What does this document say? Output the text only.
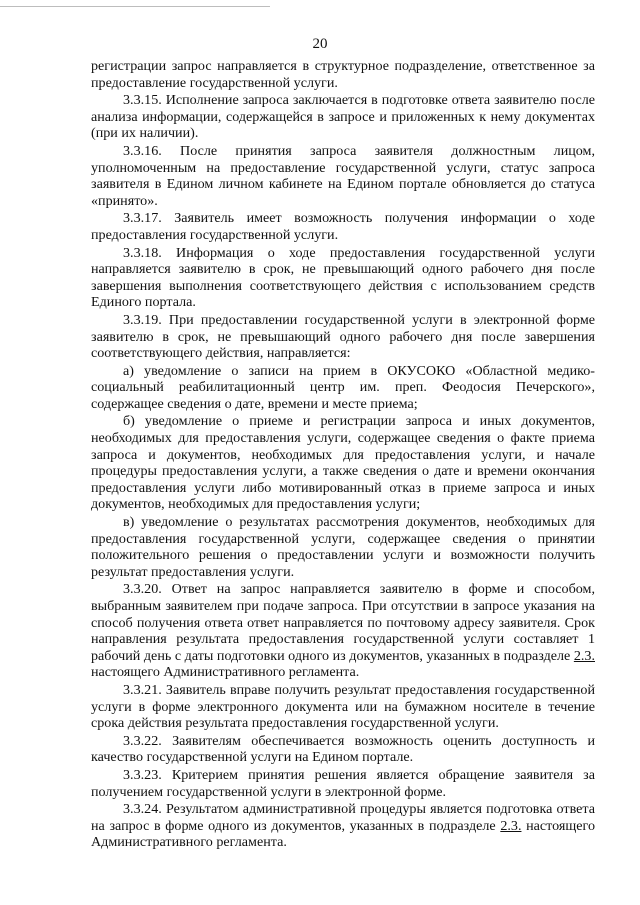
20

регистрации запрос направляется в структурное подразделение, ответственное за предоставление государственной услуги.

3.3.15. Исполнение запроса заключается в подготовке ответа заявителю после анализа информации, содержащейся в запросе и приложенных к нему документах (при их наличии).

3.3.16. После принятия запроса заявителя должностным лицом, уполномоченным на предоставление государственной услуги, статус запроса заявителя в Едином личном кабинете на Едином портале обновляется до статуса «принято».

3.3.17. Заявитель имеет возможность получения информации о ходе предоставления государственной услуги.

3.3.18. Информация о ходе предоставления государственной услуги направляется заявителю в срок, не превышающий одного рабочего дня после завершения выполнения соответствующего действия с использованием средств Единого портала.

3.3.19. При предоставлении государственной услуги в электронной форме заявителю в срок, не превышающий одного рабочего дня после завершения соответствующего действия, направляется:

а) уведомление о записи на прием в ОКУСОКО «Областной медико-социальный реабилитационный центр им. преп. Феодосия Печерского», содержащее сведения о дате, времени и месте приема;

б) уведомление о приеме и регистрации запроса и иных документов, необходимых для предоставления услуги, содержащее сведения о факте приема запроса и документов, необходимых для предоставления услуги, и начале процедуры предоставления услуги, а также сведения о дате и времени окончания предоставления услуги либо мотивированный отказ в приеме запроса и иных документов, необходимых для предоставления услуги;

в) уведомление о результатах рассмотрения документов, необходимых для предоставления государственной услуги, содержащее сведения о принятии положительного решения о предоставлении услуги и возможности получить результат предоставления услуги.

3.3.20. Ответ на запрос направляется заявителю в форме и способом, выбранным заявителем при подаче запроса. При отсутствии в запросе указания на способ получения ответа ответ направляется по почтовому адресу заявителя. Срок направления результата предоставления государственной услуги составляет 1 рабочий день с даты подготовки одного из документов, указанных в подразделе 2.3. настоящего Административного регламента.

3.3.21. Заявитель вправе получить результат предоставления государственной услуги в форме электронного документа или на бумажном носителе в течение срока действия результата предоставления государственной услуги.

3.3.22. Заявителям обеспечивается возможность оценить доступность и качество государственной услуги на Едином портале.

3.3.23. Критерием принятия решения является обращение заявителя за получением государственной услуги в электронной форме.

3.3.24. Результатом административной процедуры является подготовка ответа на запрос в форме одного из документов, указанных в подразделе 2.3. настоящего Административного регламента.
